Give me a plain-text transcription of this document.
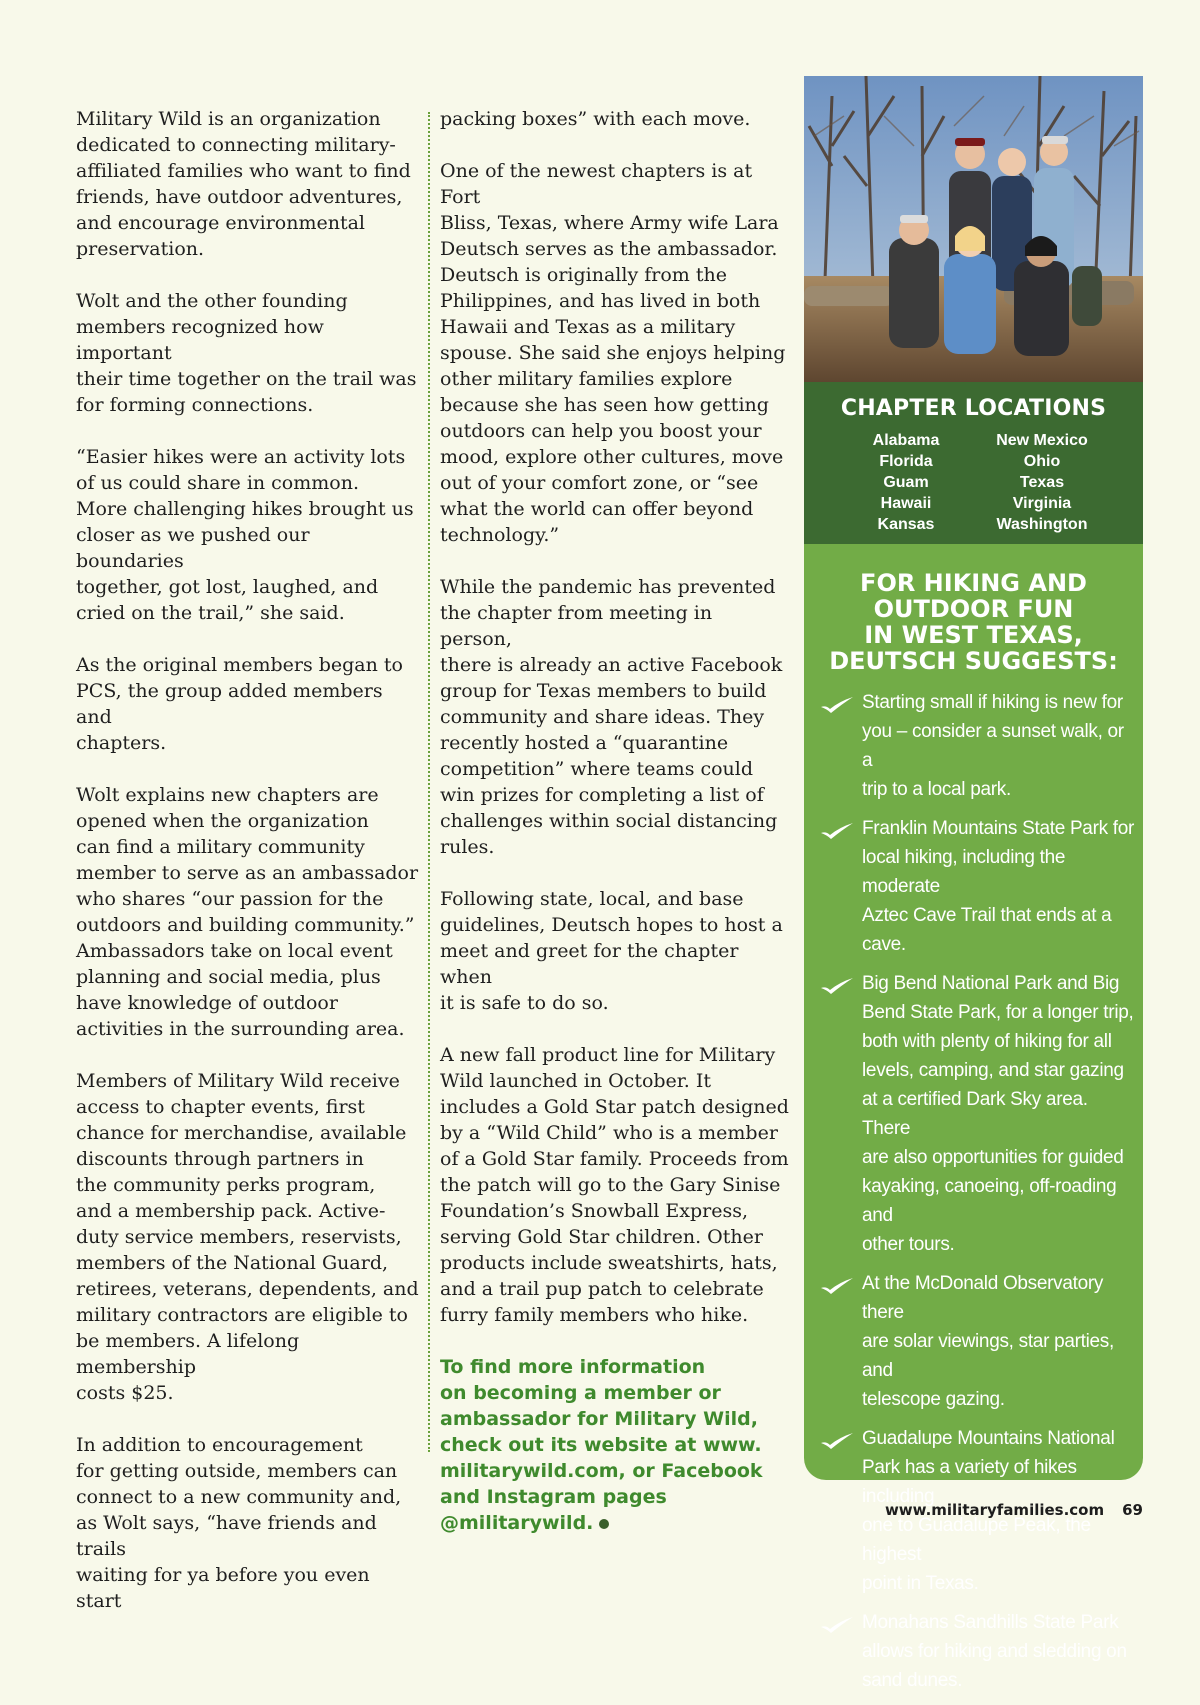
Military Wild is an organization
dedicated to connecting military-
affiliated families who want to find
friends, have outdoor adventures,
and encourage environmental
preservation.

Wolt and the other founding
members recognized how important
their time together on the trail was
for forming connections.

“Easier hikes were an activity lots
of us could share in common.
More challenging hikes brought us
closer as we pushed our boundaries
together, got lost, laughed, and
cried on the trail,” she said.

As the original members began to
PCS, the group added members and
chapters.

Wolt explains new chapters are
opened when the organization
can find a military community
member to serve as an ambassador
who shares “our passion for the
outdoors and building community.”
Ambassadors take on local event
planning and social media, plus
have knowledge of outdoor
activities in the surrounding area.

Members of Military Wild receive
access to chapter events, first
chance for merchandise, available
discounts through partners in
the community perks program,
and a membership pack. Active-
duty service members, reservists,
members of the National Guard,
retirees, veterans, dependents, and
military contractors are eligible to
be members. A lifelong membership
costs $25.

In addition to encouragement
for getting outside, members can
connect to a new community and,
as Wolt says, “have friends and trails
waiting for ya before you even start

packing boxes” with each move.

One of the newest chapters is at Fort
Bliss, Texas, where Army wife Lara
Deutsch serves as the ambassador.
Deutsch is originally from the
Philippines, and has lived in both
Hawaii and Texas as a military
spouse. She said she enjoys helping
other military families explore
because she has seen how getting
outdoors can help you boost your
mood, explore other cultures, move
out of your comfort zone, or “see
what the world can offer beyond
technology.”

While the pandemic has prevented
the chapter from meeting in person,
there is already an active Facebook
group for Texas members to build
community and share ideas. They
recently hosted a “quarantine
competition” where teams could
win prizes for completing a list of
challenges within social distancing
rules.

Following state, local, and base
guidelines, Deutsch hopes to host a
meet and greet for the chapter when
it is safe to do so.

A new fall product line for Military
Wild launched in October. It
includes a Gold Star patch designed
by a “Wild Child” who is a member
of a Gold Star family. Proceeds from
the patch will go to the Gary Sinise
Foundation’s Snowball Express,
serving Gold Star children. Other
products include sweatshirts, hats,
and a trail pup patch to celebrate
furry family members who hike.

To find more information
on becoming a member or
ambassador for Military Wild,
check out its website at www.
militarywild.com, or Facebook
and Instagram pages
@militarywild.

CHAPTER LOCATIONS
Alabama
Florida
Guam
Hawaii
Kansas
New Mexico
Ohio
Texas
Virginia
Washington
FOR HIKING AND
OUTDOOR FUN
IN WEST TEXAS,
DEUTSCH SUGGESTS:
Starting small if hiking is new for
you – consider a sunset walk, or a
trip to a local park.
Franklin Mountains State Park for
local hiking, including the moderate
Aztec Cave Trail that ends at a cave.
Big Bend National Park and Big
Bend State Park, for a longer trip,
both with plenty of hiking for all
levels, camping, and star gazing
at a certified Dark Sky area. There
are also opportunities for guided
kayaking, canoeing, off-roading and
other tours.
At the McDonald Observatory there
are solar viewings, star parties, and
telescope gazing.
Guadalupe Mountains National
Park has a variety of hikes including
one to Guadalupe Peak, the highest
point in Texas.
Monahans Sandhills State Park
allows for hiking and sledding on
sand dunes.
www.militaryfamilies.com 69
